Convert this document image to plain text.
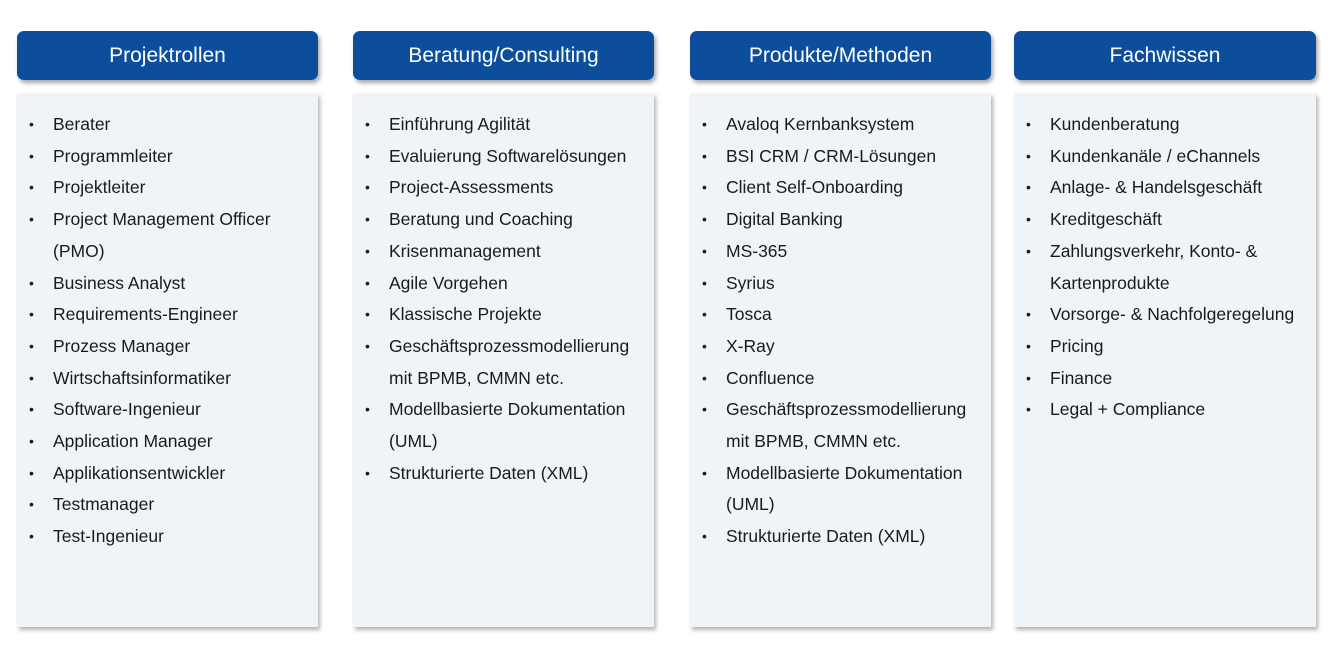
Projektrollen
• Berater
• Programmleiter
• Projektleiter
• Project Management Officer (PMO)
• Business Analyst
• Requirements-Engineer
• Prozess Manager
• Wirtschaftsinformatiker
• Software-Ingenieur
• Application Manager
• Applikationsentwickler
• Testmanager
• Test-Ingenieur
Beratung/Consulting
• Einführung Agilität
• Evaluierung Softwarelösungen
• Project-Assessments
• Beratung und Coaching
• Krisenmanagement
• Agile Vorgehen
• Klassische Projekte
• Geschäftsprozessmodellierung mit BPMB, CMMN etc.
• Modellbasierte Dokumentation (UML)
• Strukturierte Daten (XML)
Produkte/Methoden
• Avaloq Kernbanksystem
• BSI CRM / CRM-Lösungen
• Client Self-Onboarding
• Digital Banking
• MS-365
• Syrius
• Tosca
• X-Ray
• Confluence
• Geschäftsprozessmodellierung mit BPMB, CMMN etc.
• Modellbasierte Dokumentation (UML)
• Strukturierte Daten (XML)
Fachwissen
• Kundenberatung
• Kundenkanäle / eChannels
• Anlage- & Handelsgeschäft
• Kreditgeschäft
• Zahlungsverkehr, Konto- & Kartenprodukte
• Vorsorge- & Nachfolgeregelung
• Pricing
• Finance
• Legal + Compliance
